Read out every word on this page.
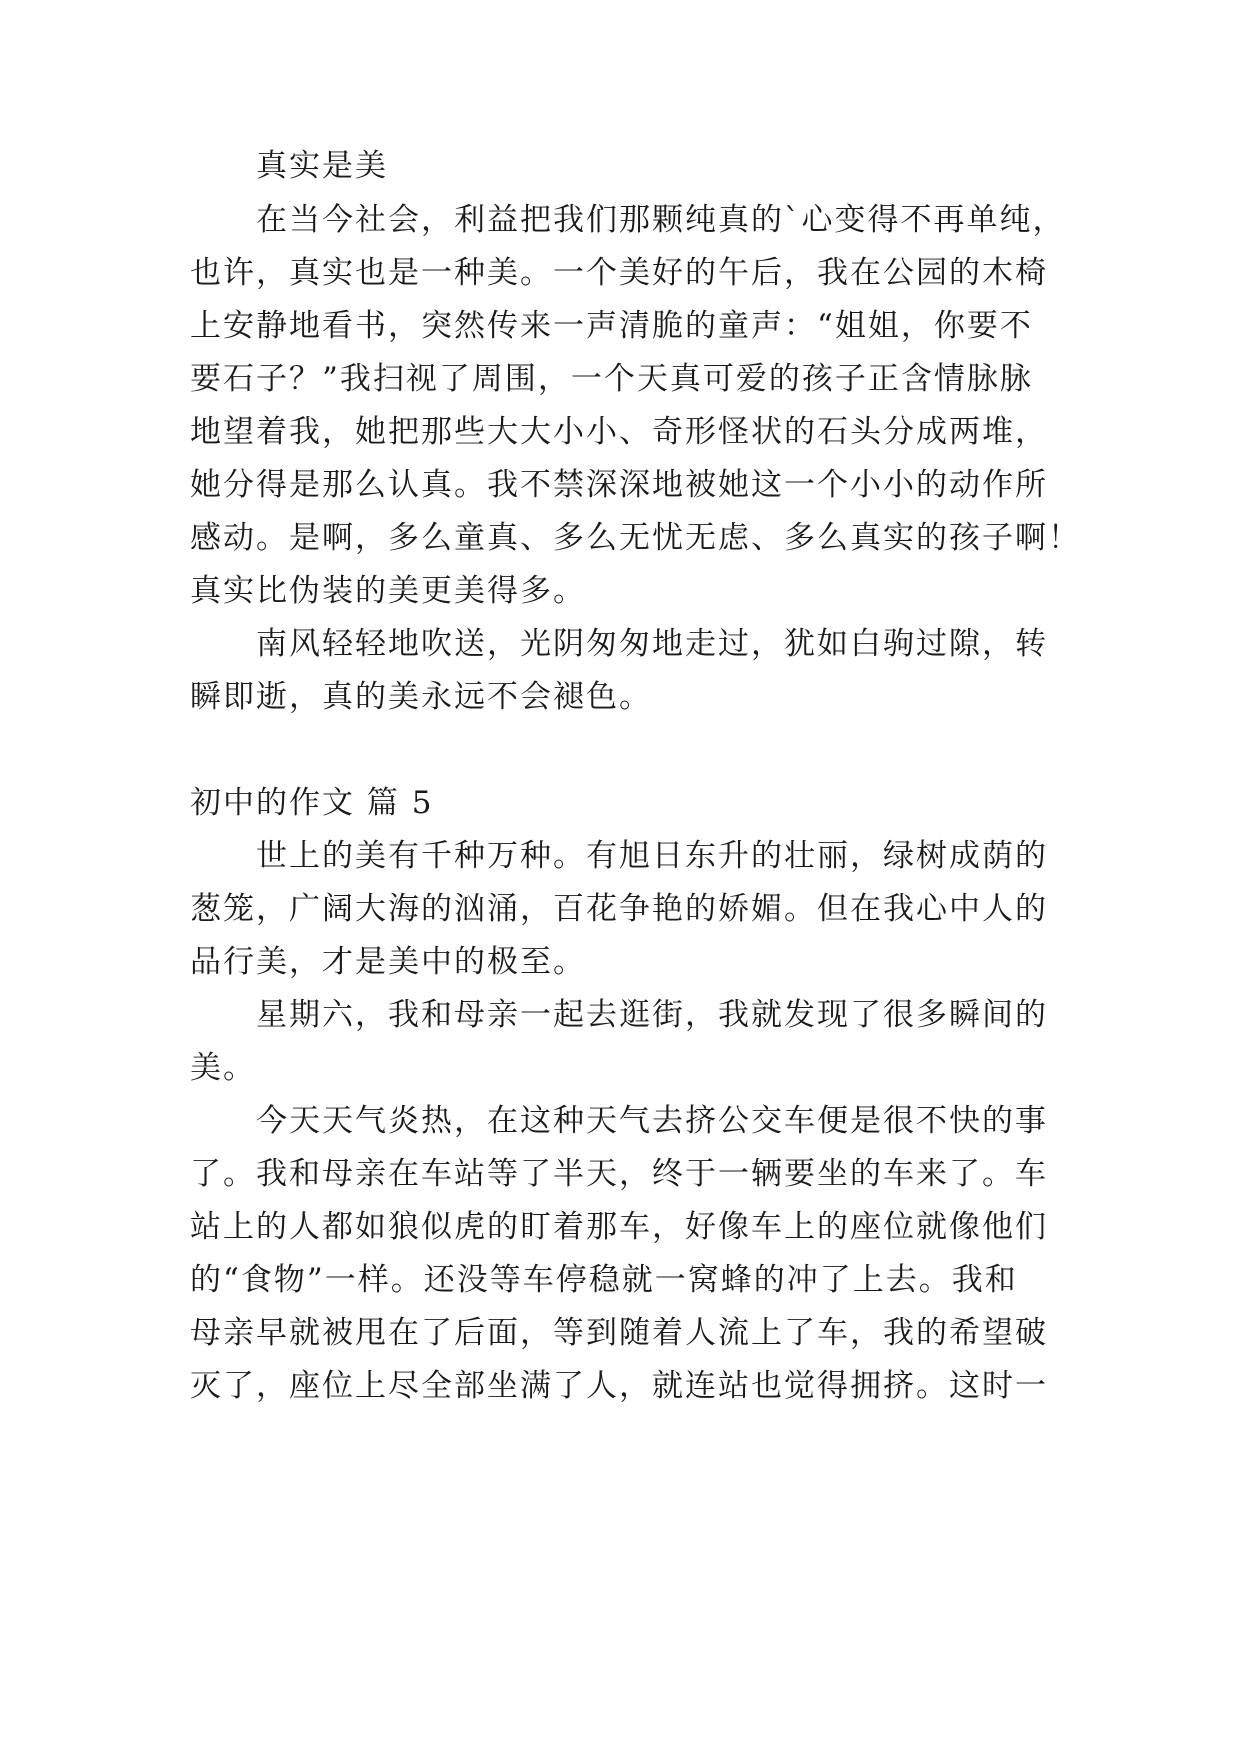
真实是美
在当今社会，利益把我们那颗纯真的`心变得不再单纯，
也许，真实也是一种美。一个美好的午后，我在公园的木椅
上安静地看书，突然传来一声清脆的童声：“姐姐，你要不
要石子？”我扫视了周围，一个天真可爱的孩子正含情脉脉
地望着我，她把那些大大小小、奇形怪状的石头分成两堆，
她分得是那么认真。我不禁深深地被她这一个小小的动作所
感动。是啊，多么童真、多么无忧无虑、多么真实的孩子啊！
真实比伪装的美更美得多。
南风轻轻地吹送，光阴匆匆地走过，犹如白驹过隙，转
瞬即逝，真的美永远不会褪色。
初中的作文 篇 5
世上的美有千种万种。有旭日东升的壮丽，绿树成荫的
葱笼，广阔大海的汹涌，百花争艳的娇媚。但在我心中人的
品行美，才是美中的极至。
星期六，我和母亲一起去逛街，我就发现了很多瞬间的
美。
今天天气炎热，在这种天气去挤公交车便是很不快的事
了。我和母亲在车站等了半天，终于一辆要坐的车来了。车
站上的人都如狼似虎的盯着那车，好像车上的座位就像他们
的“食物”一样。还没等车停稳就一窝蜂的冲了上去。我和
母亲早就被甩在了后面，等到随着人流上了车，我的希望破
灭了，座位上尽全部坐满了人，就连站也觉得拥挤。这时一
